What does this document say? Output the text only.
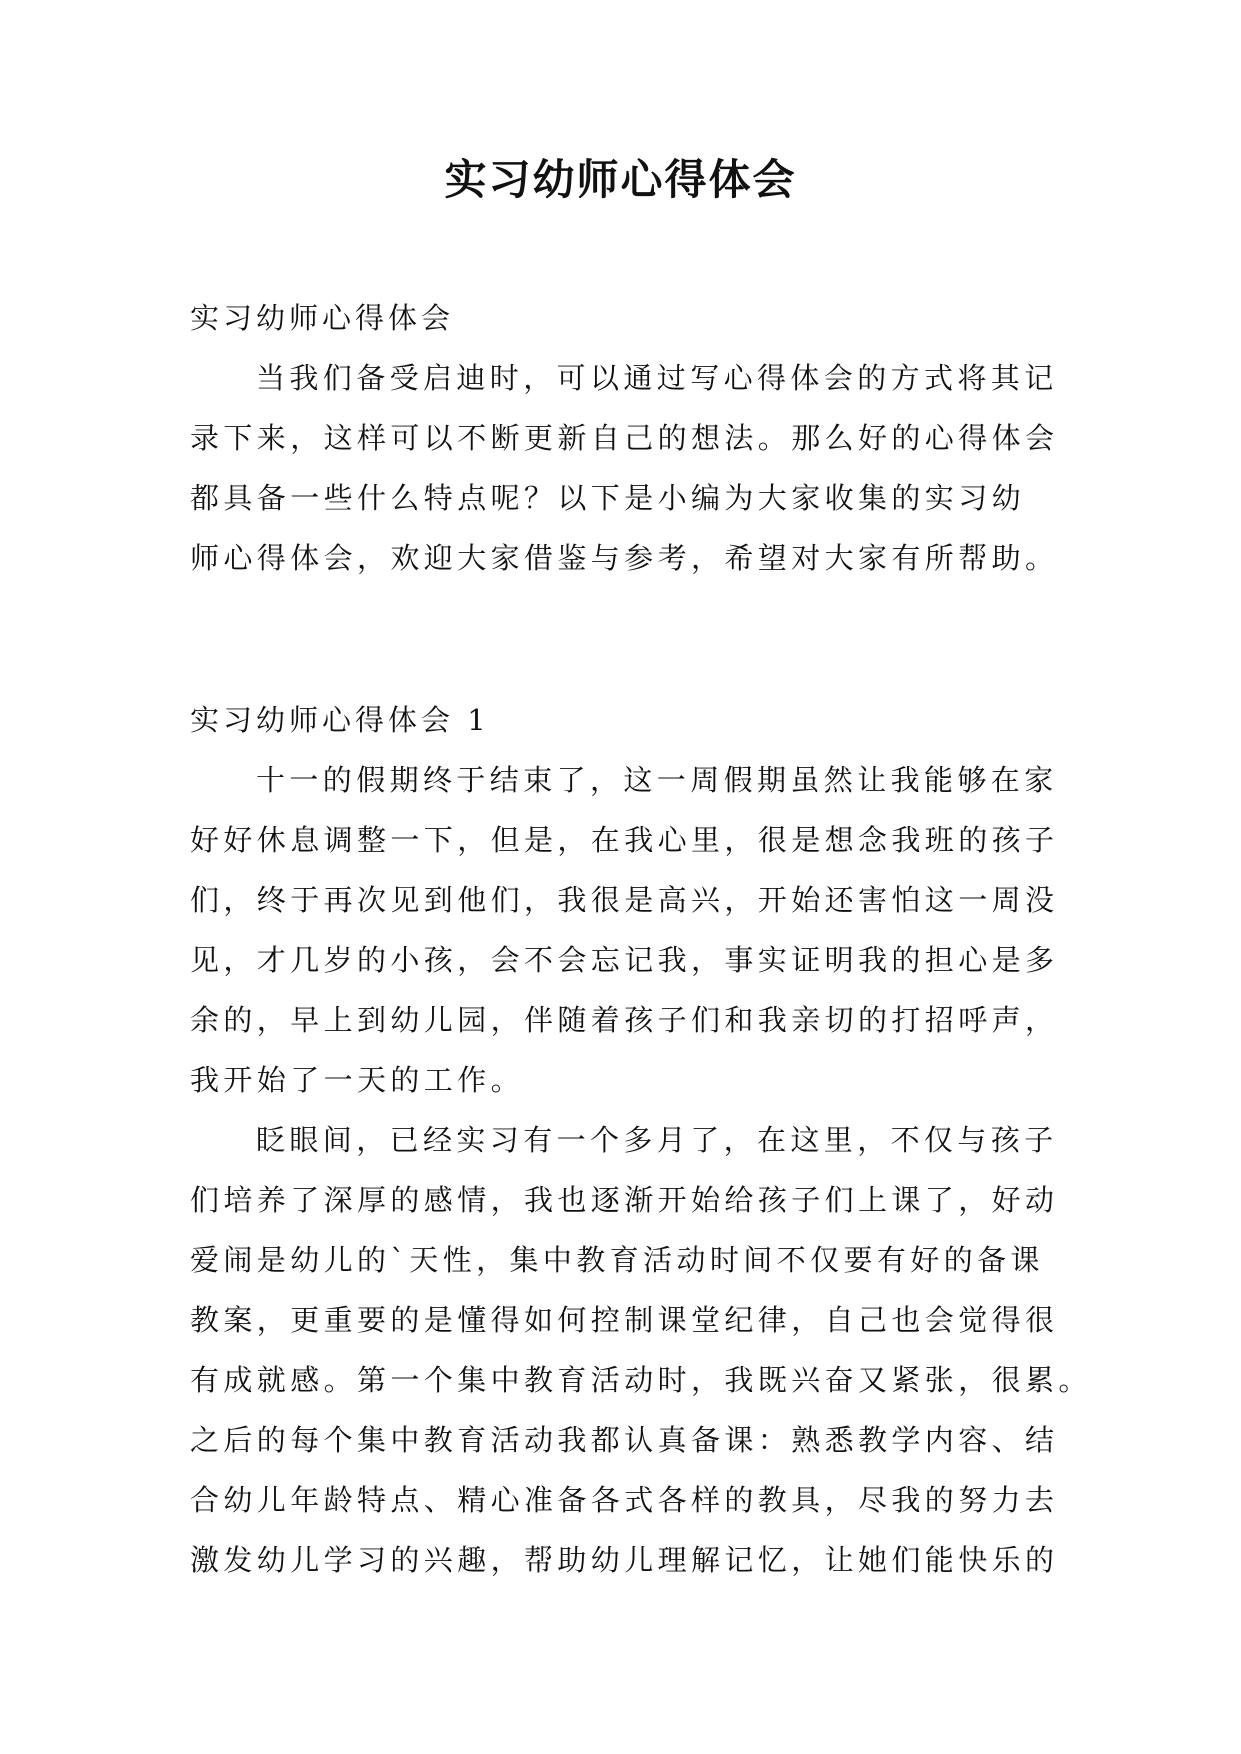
实习幼师心得体会
实习幼师心得体会
当我们备受启迪时，可以通过写心得体会的方式将其记
录下来，这样可以不断更新自己的想法。那么好的心得体会
都具备一些什么特点呢？以下是小编为大家收集的实习幼
师心得体会，欢迎大家借鉴与参考，希望对大家有所帮助。
实习幼师心得体会 1
十一的假期终于结束了，这一周假期虽然让我能够在家
好好休息调整一下，但是，在我心里，很是想念我班的孩子
们，终于再次见到他们，我很是高兴，开始还害怕这一周没
见，才几岁的小孩，会不会忘记我，事实证明我的担心是多
余的，早上到幼儿园，伴随着孩子们和我亲切的打招呼声，
我开始了一天的工作。
眨眼间，已经实习有一个多月了，在这里，不仅与孩子
们培养了深厚的感情，我也逐渐开始给孩子们上课了，好动
爱闹是幼儿的`天性，集中教育活动时间不仅要有好的备课
教案，更重要的是懂得如何控制课堂纪律，自己也会觉得很
有成就感。第一个集中教育活动时，我既兴奋又紧张，很累。
之后的每个集中教育活动我都认真备课：熟悉教学内容、结
合幼儿年龄特点、精心准备各式各样的教具，尽我的努力去
激发幼儿学习的兴趣，帮助幼儿理解记忆，让她们能快乐的
